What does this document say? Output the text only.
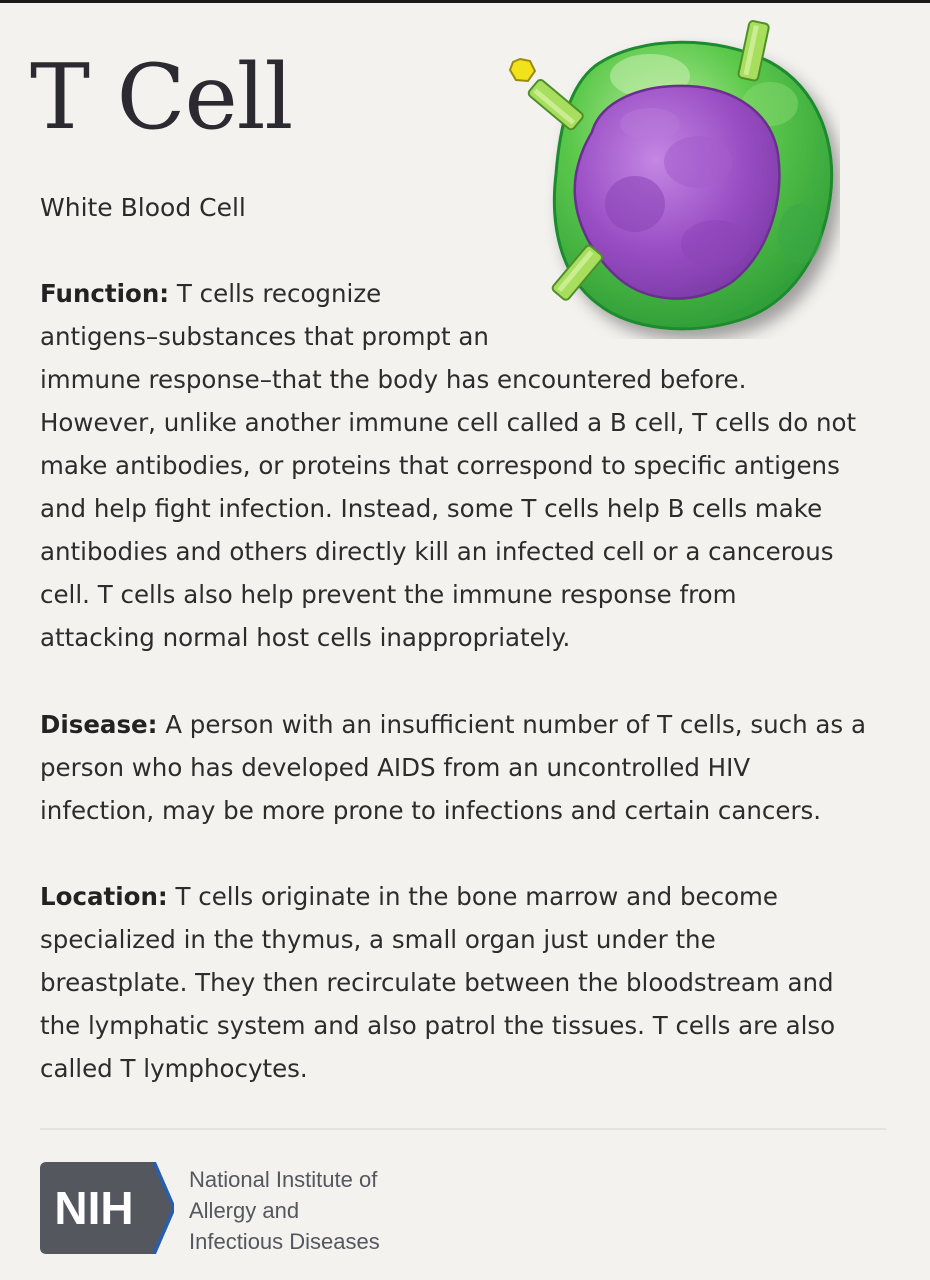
T Cell
White Blood Cell

Function: T cells recognize
antigens–substances that prompt an
immune response–that the body has encountered before.
However, unlike another immune cell called a B cell, T cells do not
make antibodies, or proteins that correspond to specific antigens
and help fight infection. Instead, some T cells help B cells make
antibodies and others directly kill an infected cell or a cancerous
cell. T cells also help prevent the immune response from
attacking normal host cells inappropriately.

Disease: A person with an insufficient number of T cells, such as a
person who has developed AIDS from an uncontrolled HIV
infection, may be more prone to infections and certain cancers.

Location: T cells originate in the bone marrow and become
specialized in the thymus, a small organ just under the
breastplate. They then recirculate between the bloodstream and
the lymphatic system and also patrol the tissues. T cells are also
called T lymphocytes.

NIH
National Institute of
Allergy and
Infectious Diseases
